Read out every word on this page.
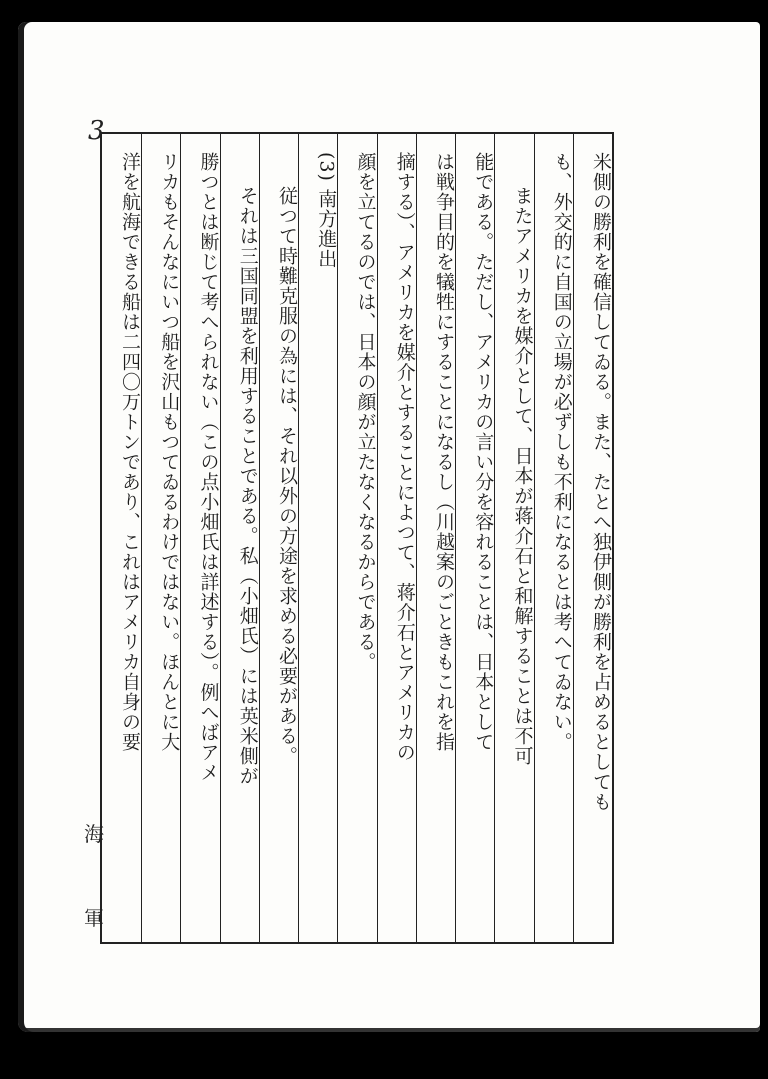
3
海
軍
米側の勝利を確信してゐる。また、たとへ独伊側が勝利を占めるとしても
も、外交的に自国の立場が必ずしも不利になるとは考へてゐない。
またアメリカを媒介として、日本が蒋介石と和解することは不可
能である。ただし、アメリカの言い分を容れることは、日本として
は戦争目的を犠牲にすることになるし（川越案のごときもこれを指
摘する）、アメリカを媒介とすることによつて、蒋介石とアメリカの
顔を立てるのでは、日本の顔が立たなくなるからである。
(3) 南方進出
従つて時難克服の為には、それ以外の方途を求める必要がある。
それは三国同盟を利用することである。私（小畑氏）には英米側が
勝つとは断じて考へられない（この点小畑氏は詳述する）。例へばアメ
リカもそんなにいつ船を沢山もつてゐるわけではない。ほんとに大
洋を航海できる船は二四〇万トンであり、これはアメリカ自身の要
